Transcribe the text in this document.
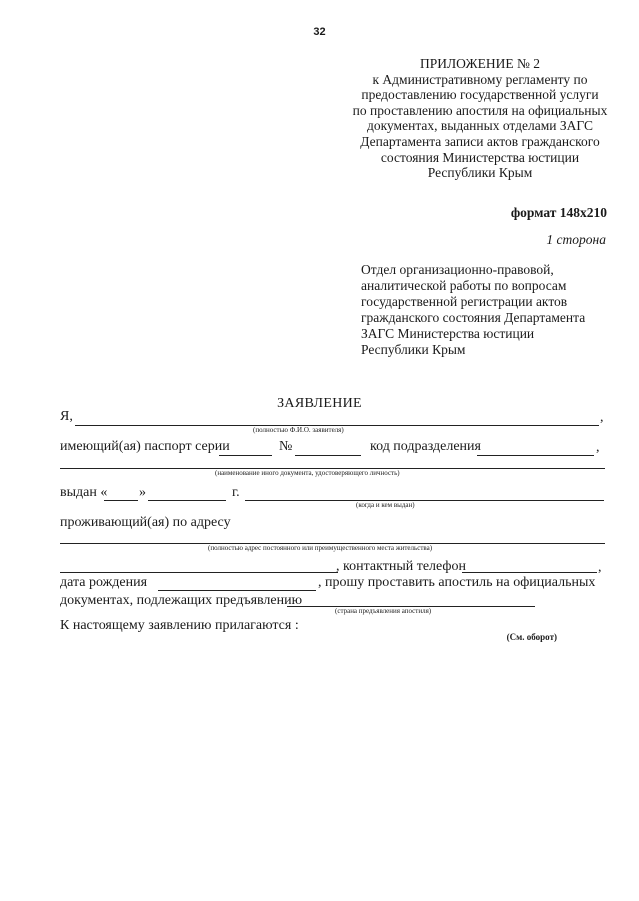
32
ПРИЛОЖЕНИЕ № 2
к Административному регламенту по
предоставлению государственной услуги
по проставлению апостиля на официальных
документах, выданных отделами ЗАГС
Департамента записи актов гражданского
состояния Министерства юстиции
Республики Крым
формат 148х210
1 сторона
Отдел организационно-правовой,
аналитической работы по вопросам
государственной регистрации актов
гражданского состояния Департамента
ЗАГС Министерства юстиции
Республики Крым
ЗАЯВЛЕНИЕ
Я,	,
(полностью Ф.И.О. заявителя)
имеющий(ая) паспорт серии	№	код подразделения	,
(наименование иного документа, удостоверяющего личность)
выдан « »	г.
(когда и кем выдан)
проживающий(ая) по адресу
(полностью адрес постоянного или преимущественного места жительства)
, контактный телефон	,
дата рождения	, прошу проставить апостиль на официальных
документах, подлежащих предъявлению
(страна предъявления апостиля)
К настоящему заявлению прилагаются :
(См. оборот)
